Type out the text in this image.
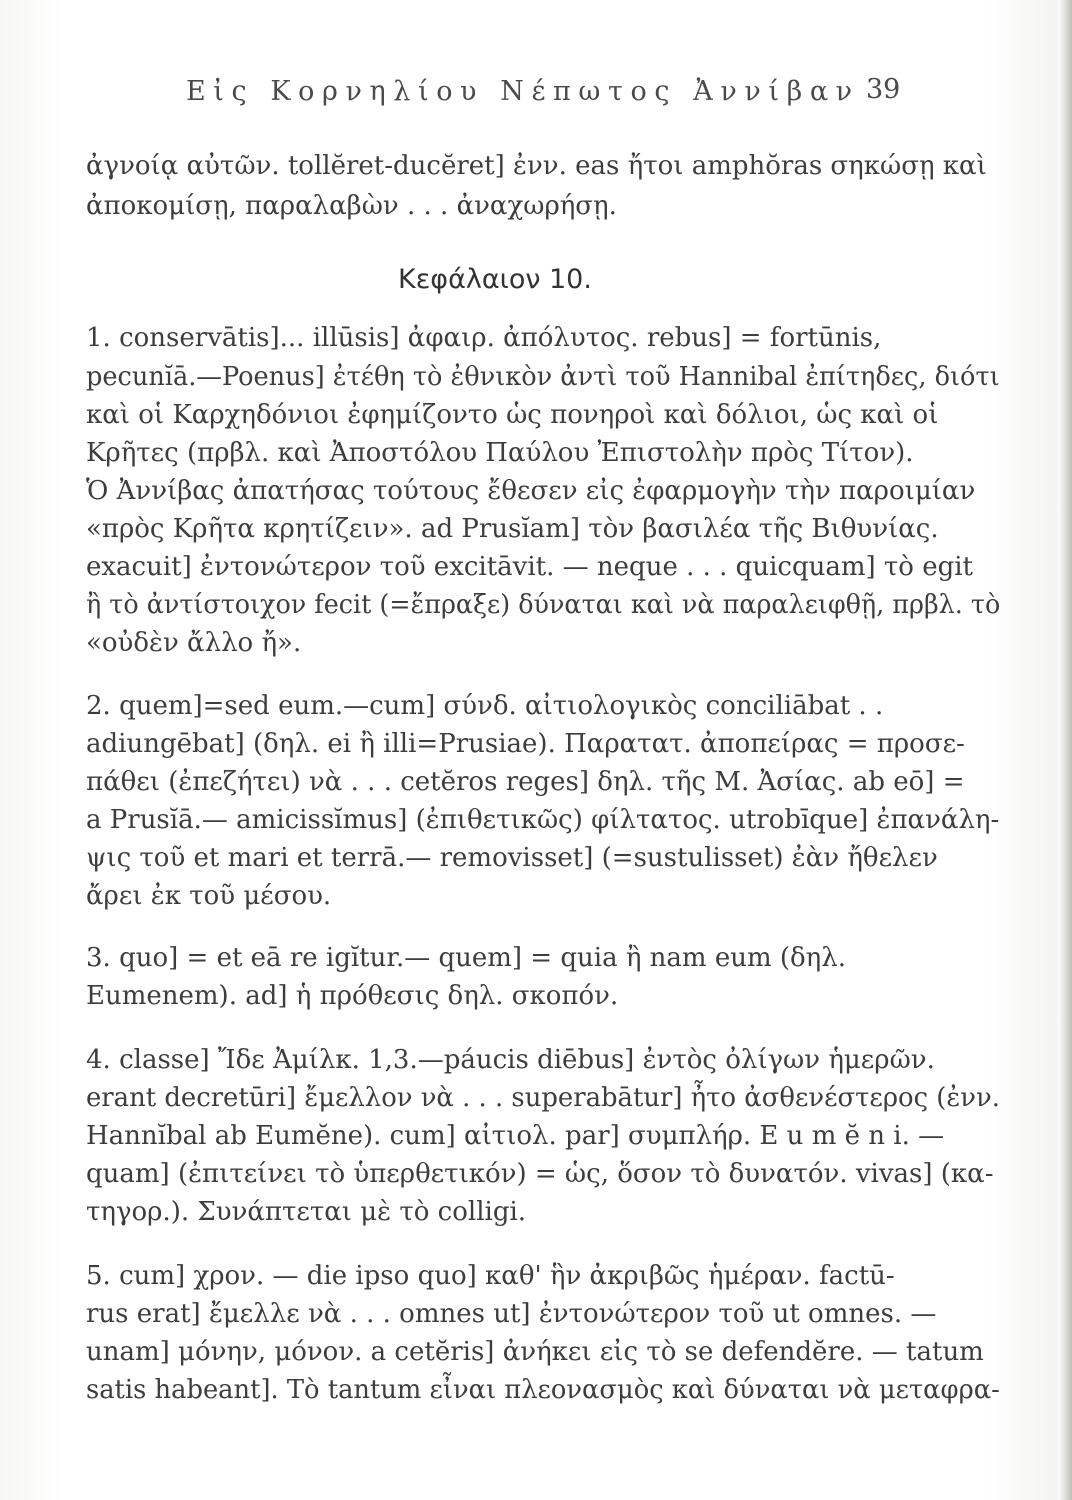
Εἰς Κορνηλίου Νέπωτος Ἀννίβαν 39
ἀγνοίᾳ αὐτῶν. tollĕret-ducĕret] ἐνν. eas ἤτοι amphŏras σηκώσῃ καὶ
ἀποκομίσῃ, παραλαβὼν . . . ἀναχωρήσῃ.
Κεφάλαιον 10.
1. conservātis]... illūsis] ἀφαιρ. ἀπόλυτος. rebus] = fortūnis,
pecunĭā.—Poenus] ἐτέθη τὸ ἐθνικὸν ἀντὶ τοῦ Hannibal ἐπίτηδες, διότι
καὶ οἱ Καρχηδόνιοι ἐφημίζοντο ὡς πονηροὶ καὶ δόλιοι, ὡς καὶ οἱ
Κρῆτες (πρβλ. καὶ Ἀποστόλου Παύλου Ἐπιστολὴν πρὸς Τίτον).
Ὁ Ἀννίβας ἀπατήσας τούτους ἔθεσεν εἰς ἐφαρμογὴν τὴν παροιμίαν
«πρὸς Κρῆτα κρητίζειν». ad Prusĭam] τὸν βασιλέα τῆς Βιθυνίας.
exacuit] ἐντονώτερον τοῦ excitāvit. — neque . . . quicquam] τὸ egit
ἢ τὸ ἀντίστοιχον fecit (=ἔπραξε) δύναται καὶ νὰ παραλειφθῇ, πρβλ. τὸ
«οὐδὲν ἄλλο ἤ».
2. quem]=sed eum.—cum] σύνδ. αἰτιολογικὸς conciliābat . .
adiungēbat] (δηλ. ei ἢ illi=Prusiae). Παρατατ. ἀποπείρας = προσε-
πάθει (ἐπεζήτει) νὰ . . . cetĕros reges] δηλ. τῆς Μ. Ἀσίας. ab eō] =
a Prusĭā.— amicissĭmus] (ἐπιθετικῶς) φίλτατος. utrobīque] ἐπανάλη-
ψις τοῦ et mari et terrā.— removisset] (=sustulisset) ἐὰν ἤθελεν
ἄρει ἐκ τοῦ μέσου.
3. quo] = et eā re igĭtur.— quem] = quia ἢ nam eum (δηλ.
Eumenem). ad] ἡ πρόθεσις δηλ. σκοπόν.
4. classe] Ἴδε Ἀμίλκ. 1,3.—páucis diēbus] ἐντὸς ὀλίγων ἡμερῶν.
erant decretūri] ἔμελλον νὰ . . . superabātur] ἦτο ἀσθενέστερος (ἐνν.
Hannĭbal ab Eumĕne). cum] αἰτιολ. par] συμπλήρ. E u m ĕ n i. —
quam] (ἐπιτείνει τὸ ὑπερθετικόν) = ὡς, ὅσον τὸ δυνατόν. vivas] (κα-
τηγορ.). Συνάπτεται μὲ τὸ colligi.
5. cum] χρον. — die ipso quo] καθ' ἣν ἀκριβῶς ἡμέραν. factū-
rus erat] ἔμελλε νὰ . . . omnes ut] ἐντονώτερον τοῦ ut omnes. —
unam] μόνην, μόνον. a cetĕris] ἀνήκει εἰς τὸ se defendĕre. — tatum
satis habeant]. Τὸ tantum εἶναι πλεονασμὸς καὶ δύναται νὰ μεταφρα-
